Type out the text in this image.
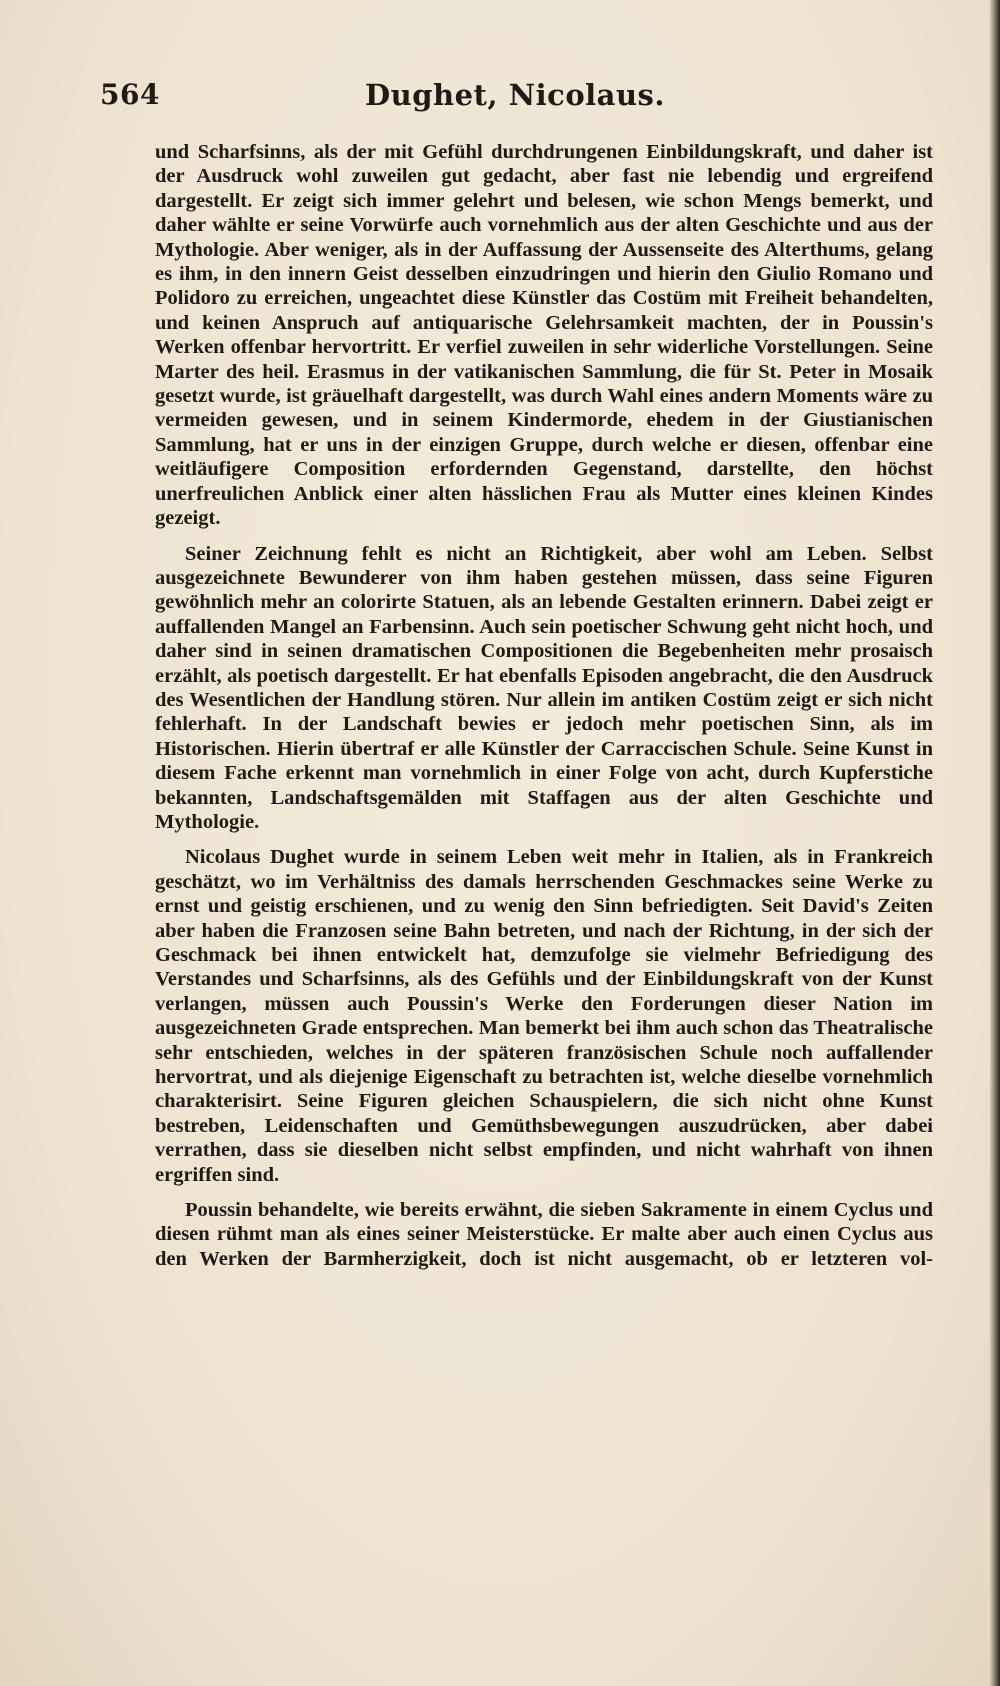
564	Dughet, Nicolaus.

und Scharfsinns, als der mit Gefühl durchdrungenen Einbildungskraft, und daher ist der Ausdruck wohl zuweilen gut gedacht, aber fast nie lebendig und ergreifend dargestellt. Er zeigt sich immer gelehrt und belesen, wie schon Mengs bemerkt, und daher wählte er seine Vorwürfe auch vornehmlich aus der alten Geschichte und aus der Mythologie. Aber weniger, als in der Auffassung der Aussenseite des Alterthums, gelang es ihm, in den innern Geist desselben einzudringen und hierin den Giulio Romano und Polidoro zu erreichen, ungeachtet diese Künstler das Costüm mit Freiheit behandelten, und keinen Anspruch auf antiquarische Gelehrsamkeit machten, der in Poussin's Werken offenbar hervortritt. Er verfiel zuweilen in sehr widerliche Vorstellungen. Seine Marter des heil. Erasmus in der vatikanischen Sammlung, die für St. Peter in Mosaik gesetzt wurde, ist gräuelhaft dargestellt, was durch Wahl eines andern Moments wäre zu vermeiden gewesen, und in seinem Kindermorde, ehedem in der Giustianischen Sammlung, hat er uns in der einzigen Gruppe, durch welche er diesen, offenbar eine weitläufigere Composition erfordernden Gegenstand, darstellte, den höchst unerfreulichen Anblick einer alten hässlichen Frau als Mutter eines kleinen Kindes gezeigt.

Seiner Zeichnung fehlt es nicht an Richtigkeit, aber wohl am Leben. Selbst ausgezeichnete Bewunderer von ihm haben gestehen müssen, dass seine Figuren gewöhnlich mehr an colorirte Statuen, als an lebende Gestalten erinnern. Dabei zeigt er auffallenden Mangel an Farbensinn. Auch sein poetischer Schwung geht nicht hoch, und daher sind in seinen dramatischen Compositionen die Begebenheiten mehr prosaisch erzählt, als poetisch dargestellt. Er hat ebenfalls Episoden angebracht, die den Ausdruck des Wesentlichen der Handlung stören. Nur allein im antiken Costüm zeigt er sich nicht fehlerhaft. In der Landschaft bewies er jedoch mehr poetischen Sinn, als im Historischen. Hierin übertraf er alle Künstler der Carraccischen Schule. Seine Kunst in diesem Fache erkennt man vornehmlich in einer Folge von acht, durch Kupferstiche bekannten, Landschaftsgemälden mit Staffagen aus der alten Geschichte und Mythologie.

Nicolaus Dughet wurde in seinem Leben weit mehr in Italien, als in Frankreich geschätzt, wo im Verhältniss des damals herrschenden Geschmackes seine Werke zu ernst und geistig erschienen, und zu wenig den Sinn befriedigten. Seit David's Zeiten aber haben die Franzosen seine Bahn betreten, und nach der Richtung, in der sich der Geschmack bei ihnen entwickelt hat, demzufolge sie vielmehr Befriedigung des Verstandes und Scharfsinns, als des Gefühls und der Einbildungskraft von der Kunst verlangen, müssen auch Poussin's Werke den Forderungen dieser Nation im ausgezeichneten Grade entsprechen. Man bemerkt bei ihm auch schon das Theatralische sehr entschieden, welches in der späteren französischen Schule noch auffallender hervortrat, und als diejenige Eigenschaft zu betrachten ist, welche dieselbe vornehmlich charakterisirt. Seine Figuren gleichen Schauspielern, die sich nicht ohne Kunst bestreben, Leidenschaften und Gemüthsbewegungen auszudrücken, aber dabei verrathen, dass sie dieselben nicht selbst empfinden, und nicht wahrhaft von ihnen ergriffen sind.

Poussin behandelte, wie bereits erwähnt, die sieben Sakramente in einem Cyclus und diesen rühmt man als eines seiner Meisterstücke. Er malte aber auch einen Cyclus aus den Werken der Barmherzigkeit, doch ist nicht ausgemacht, ob er letzteren vol-
